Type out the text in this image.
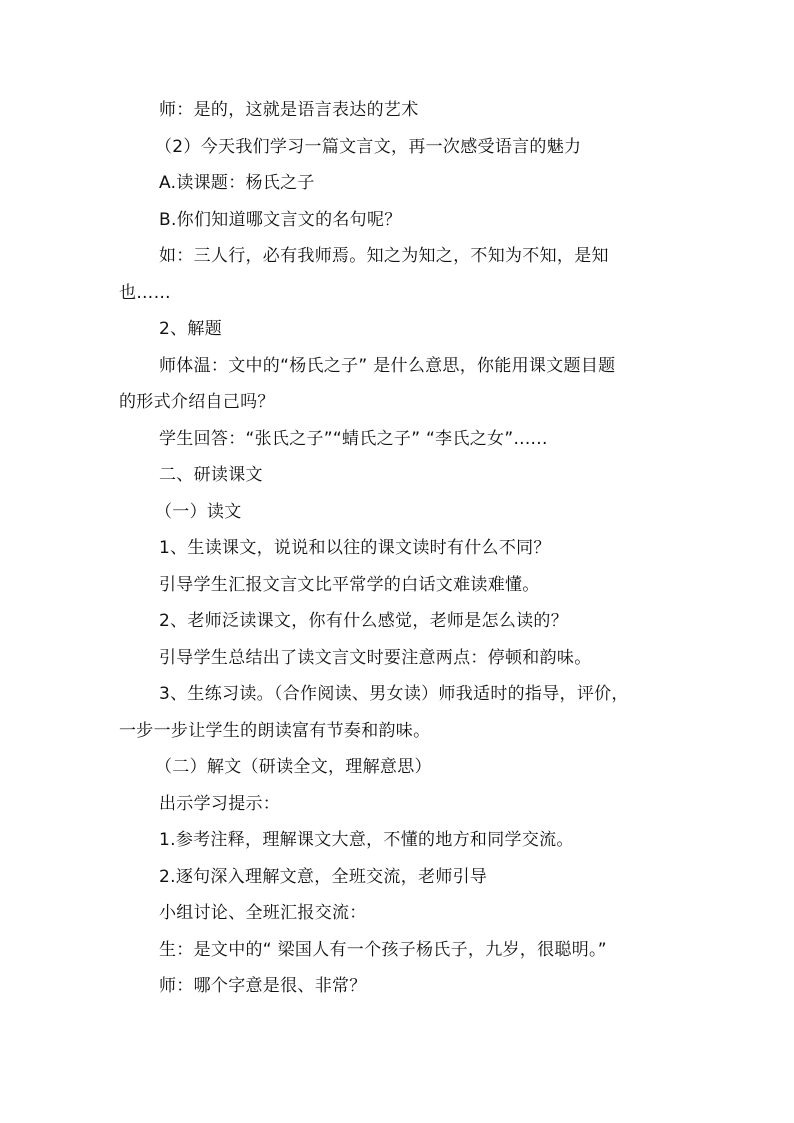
师：是的，这就是语言表达的艺术
（2）今天我们学习一篇文言文，再一次感受语言的魅力
A.读课题：杨氏之子
B.你们知道哪文言文的名句呢？
如：三人行，必有我师焉。知之为知之，不知为不知，是知
也……
2、解题
师体温：文中的“杨氏之子” 是什么意思，你能用课文题目题
的形式介绍自己吗？
学生回答：“张氏之子”“蜻氏之子” “李氏之女”......
二、研读课文
（一）读文
1、生读课文，说说和以往的课文读时有什么不同？
引导学生汇报文言文比平常学的白话文难读难懂。
2、老师泛读课文，你有什么感觉，老师是怎么读的？
引导学生总结出了读文言文时要注意两点：停顿和韵味。
3、生练习读。（合作阅读、男女读）师我适时的指导，评价，
一步一步让学生的朗读富有节奏和韵味。
（二）解文（研读全文，理解意思）
出示学习提示：
1.参考注释，理解课文大意，不懂的地方和同学交流。
2.逐句深入理解文意，全班交流，老师引导
小组讨论、全班汇报交流：
生：是文中的“ 梁国人有一个孩子杨氏子，九岁，很聪明。”
师：哪个字意是很、非常？
